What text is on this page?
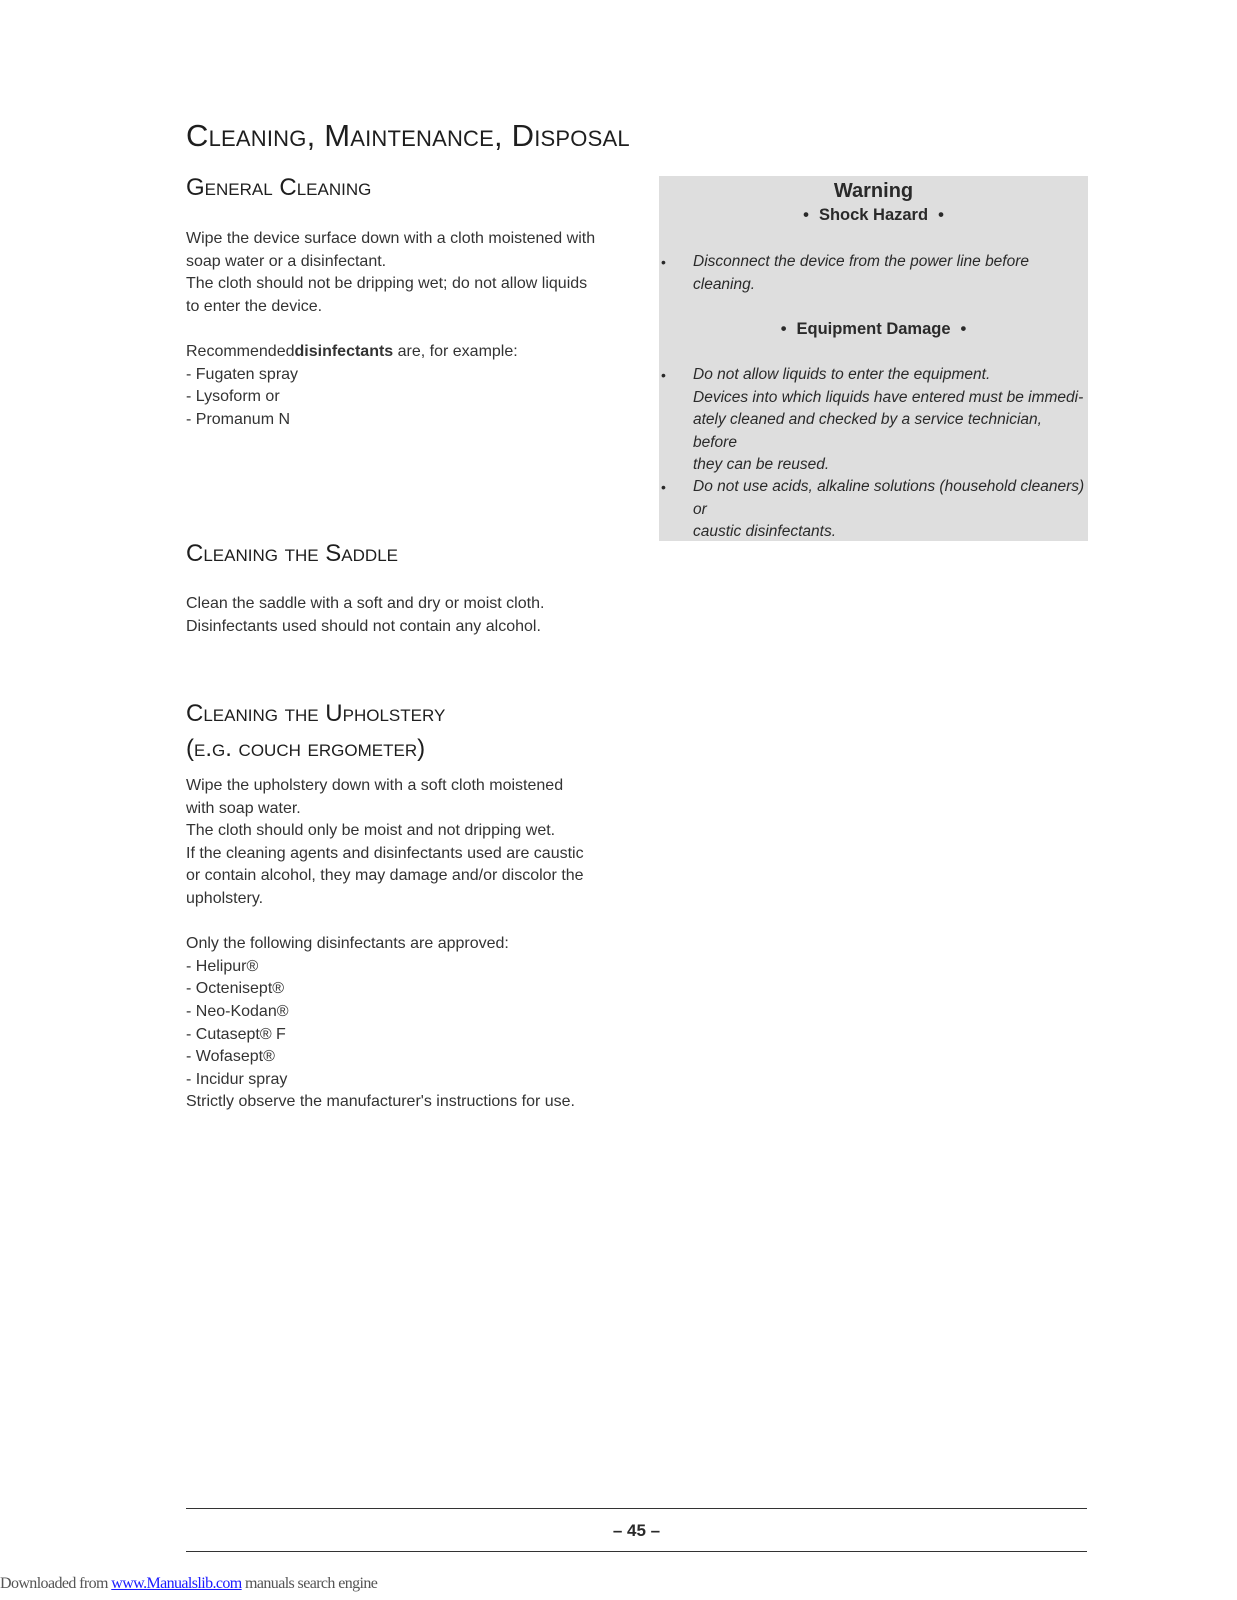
Cleaning, Maintenance, Disposal
General Cleaning

Wipe the device surface down with a cloth moistened with

soap water or a disinfectant.

The cloth should not be dripping wet; do not allow liquids

to enter the device.

Recommendeddisinfectants are, for example:

- Fugaten spray

- Lysoform or

- Promanum N

Cleaning the Saddle

Clean the saddle with a soft and dry or moist cloth.

Disinfectants used should not contain any alcohol.

Cleaning the Upholstery
(e.g. couch ergometer)

Wipe the upholstery down with a soft cloth moistened

with soap water.

The cloth should only be moist and not dripping wet.

If the cleaning agents and disinfectants used are caustic

or contain alcohol, they may damage and/or discolor the

upholstery.

Only the following disinfectants are approved:

- Helipur®

- Octenisept®

- Neo-Kodan®

- Cutasept® F

- Wofasept®

- Incidur spray

Strictly observe the manufacturer's instructions for use.

Warning
• Shock Hazard •
• Disconnect the device from the power line before cleaning.

• Equipment Damage •
• Do not allow liquids to enter the equipment.

Devices into which liquids have entered must be immedi-

ately cleaned and checked by a service technician, before

they can be reused.

• Do not use acids, alkaline solutions (household cleaners) or

caustic disinfectants.

– 45 –
Downloaded from www.Manualslib.com manuals search engine
